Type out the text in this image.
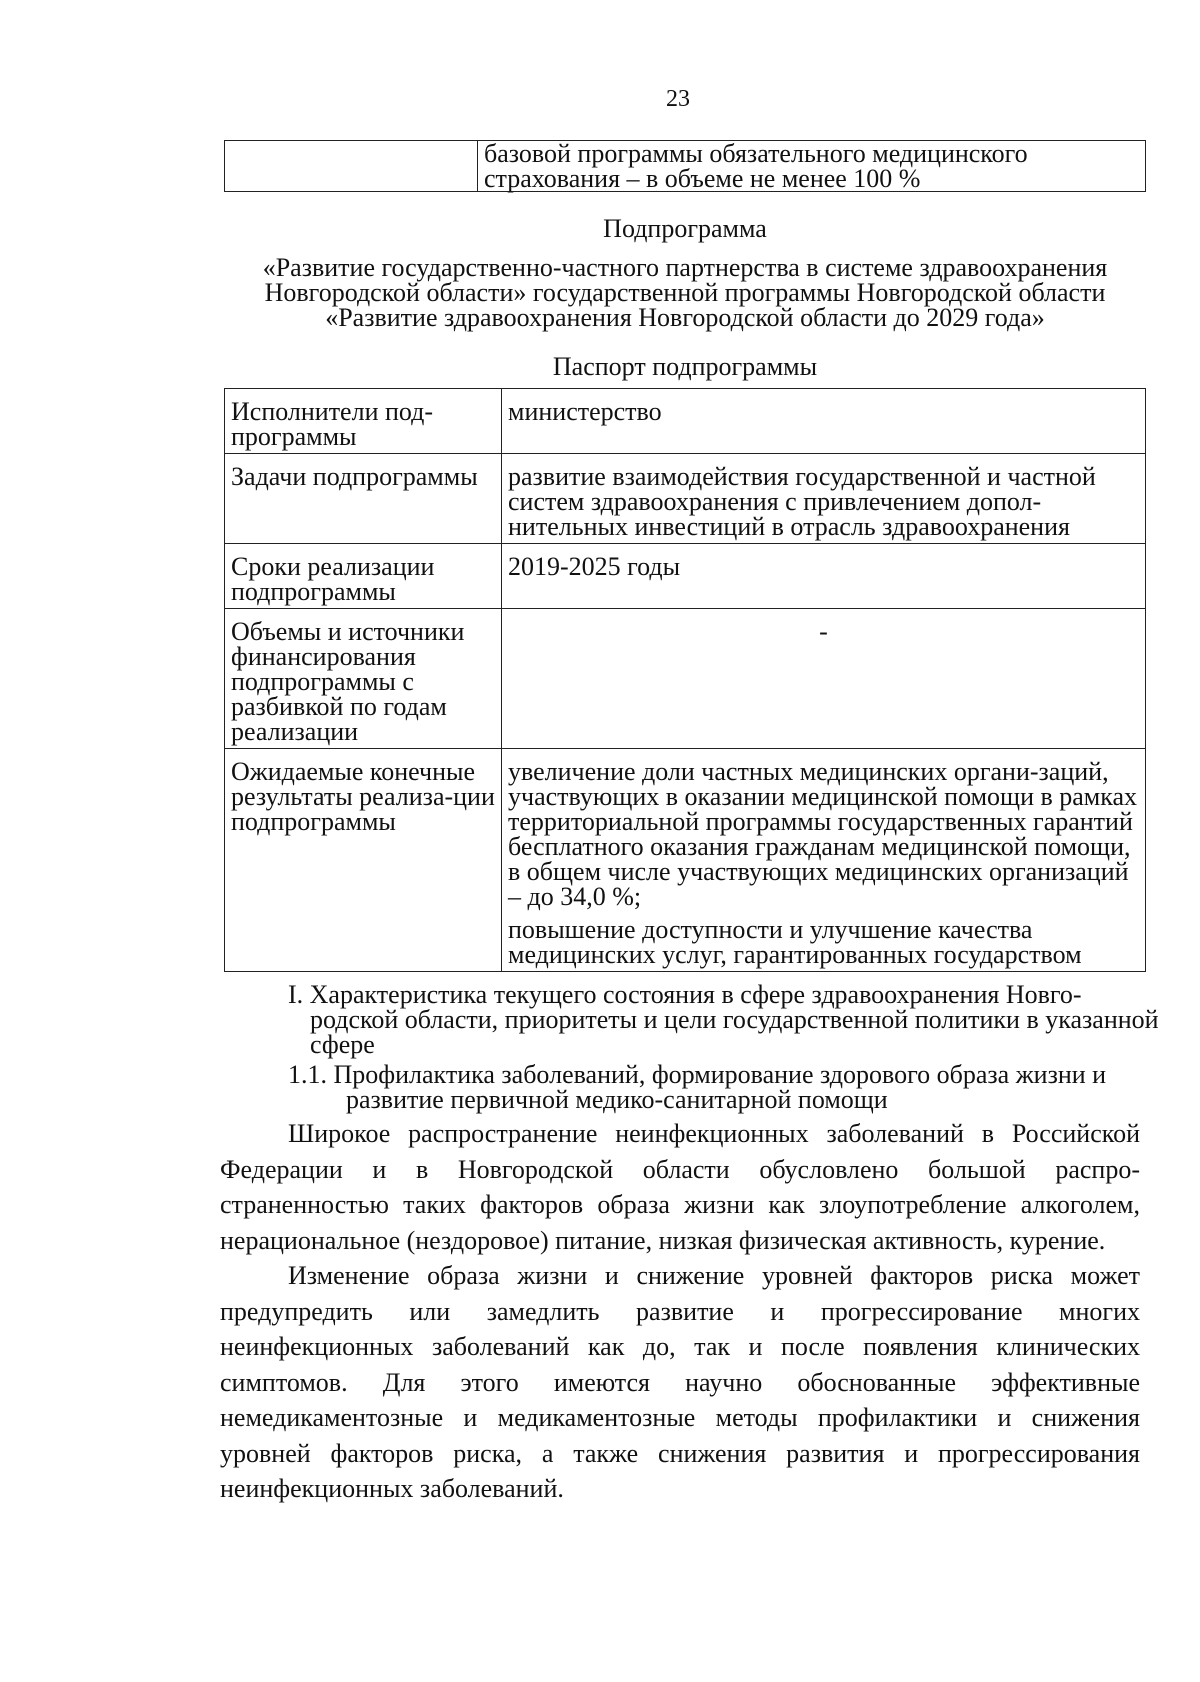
23
	базовой программы обязательного медицинского страхования – в объеме не менее 100 %
Подпрограмма
«Развитие государственно-частного партнерства в системе здравоохранения Новгородской области» государственной программы Новгородской области «Развитие здравоохранения Новгородской области до 2029 года»
Паспорт подпрограммы
Исполнители под-программы	министерство
Задачи подпрограммы	развитие взаимодействия государственной и частной систем здравоохранения с привлечением допол-нительных инвестиций в отрасль здравоохранения
Сроки реализации подпрограммы	2019-2025 годы
Объемы и источники финансирования подпрограммы с разбивкой по годам реализации	-

Ожидаемые конечные результаты реализа-ции подпрограммы	увеличение доли частных медицинских органи-заций, участвующих в оказании медицинской помощи в рамках территориальной программы государственных гарантий бесплатного оказания гражданам медицинской помощи, в общем числе участвующих медицинских организаций – до 34,0 %;
повышение доступности и улучшение качества медицинских услуг, гарантированных государством
I. Характеристика текущего состояния в сфере здравоохранения Новго-родской области, приоритеты и цели государственной политики в указанной сфере
1.1. Профилактика заболеваний, формирование здорового образа жизни и развитие первичной медико-санитарной помощи

Широкое распространение неинфекционных заболеваний в Российской Федерации и в Новгородской области обусловлено большой распро-страненностью таких факторов образа жизни как злоупотребление алкоголем, нерациональное (нездоровое) питание, низкая физическая активность, курение.

Изменение образа жизни и снижение уровней факторов риска может предупредить или замедлить развитие и прогрессирование многих неинфекционных заболеваний как до, так и после появления клинических симптомов. Для этого имеются научно обоснованные эффективные немедикаментозные и медикаментозные методы профилактики и снижения уровней факторов риска, а также снижения развития и прогрессирования неинфекционных заболеваний.
